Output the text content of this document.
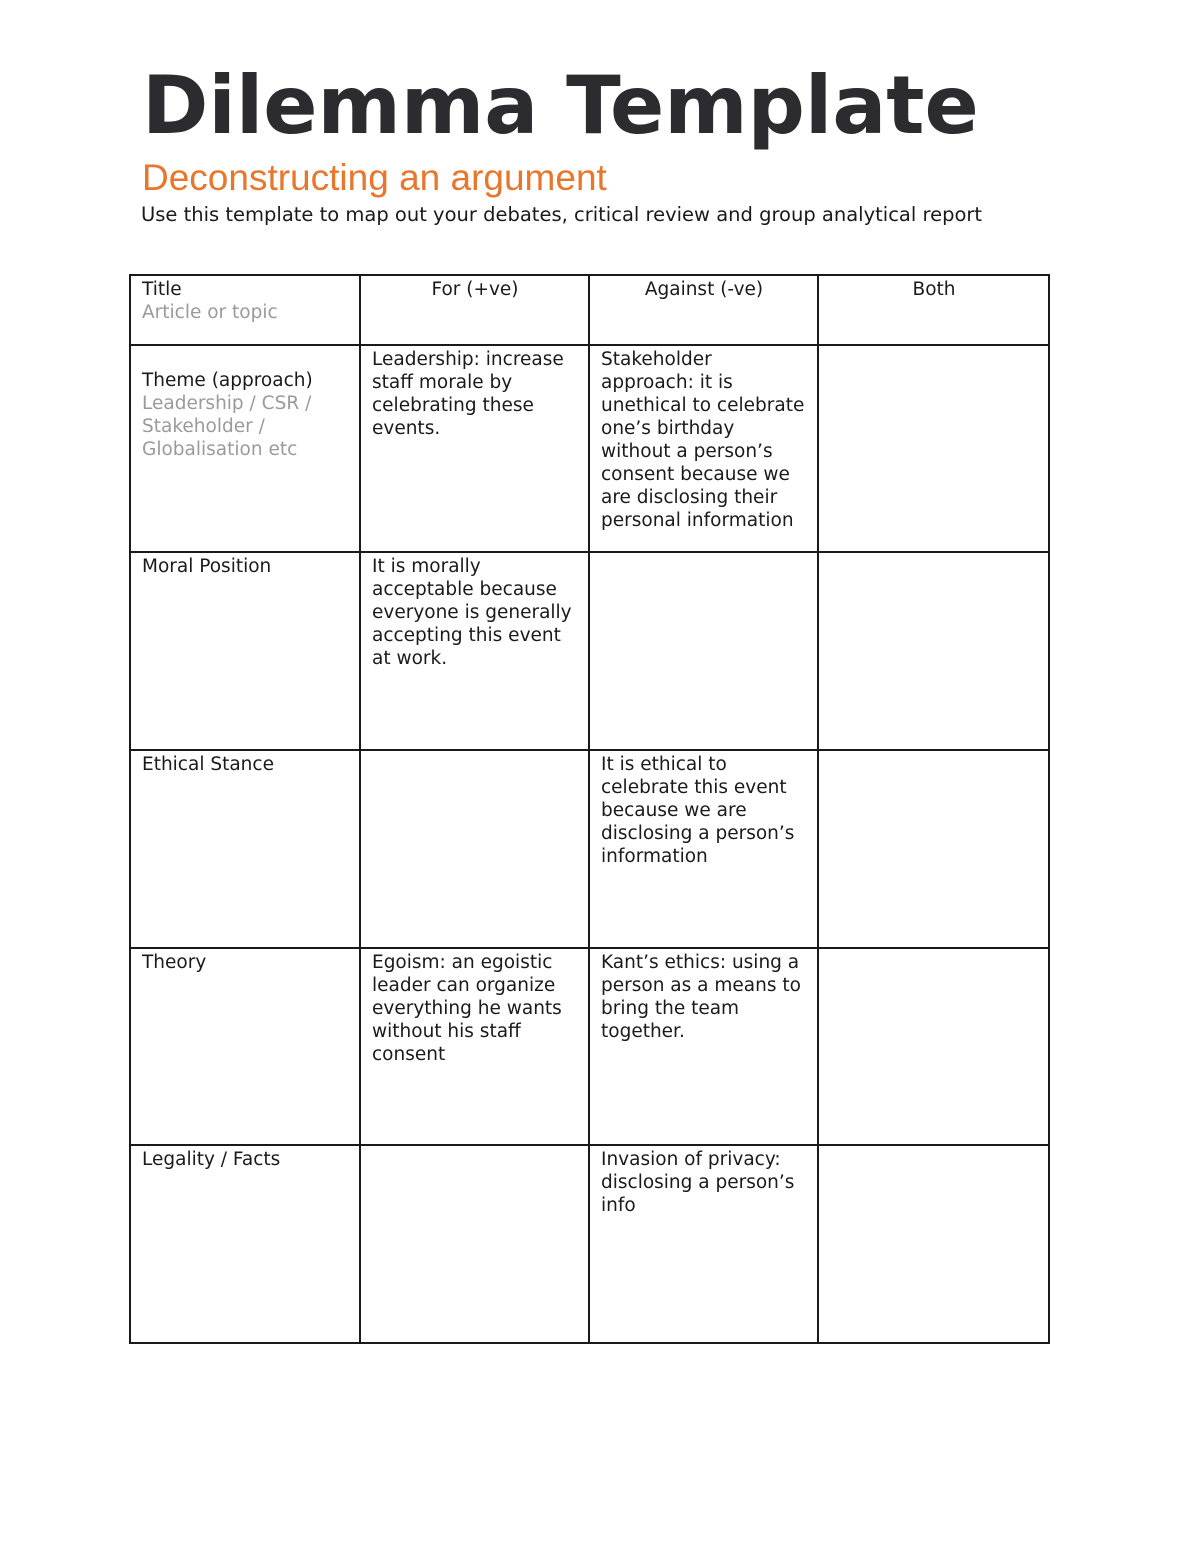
Dilemma Template
Deconstructing an argument
Use this template to map out your debates, critical review and group analytical report
Title
Article or topic	For (+ve)	Against (-ve)	Both

Theme (approach)
Leadership / CSR / Stakeholder / Globalisation etc	Leadership: increase staff morale by celebrating these events.	Stakeholder approach: it is unethical to celebrate one’s birthday without a person’s consent because we are disclosing their personal information	
Moral Position	It is morally acceptable because everyone is generally accepting this event at work.		
Ethical Stance		It is ethical to celebrate this event because we are disclosing a person’s information	
Theory	Egoism: an egoistic leader can organize everything he wants without his staff consent	Kant’s ethics: using a person as a means to bring the team together.	
Legality / Facts		Invasion of privacy: disclosing a person’s info	
